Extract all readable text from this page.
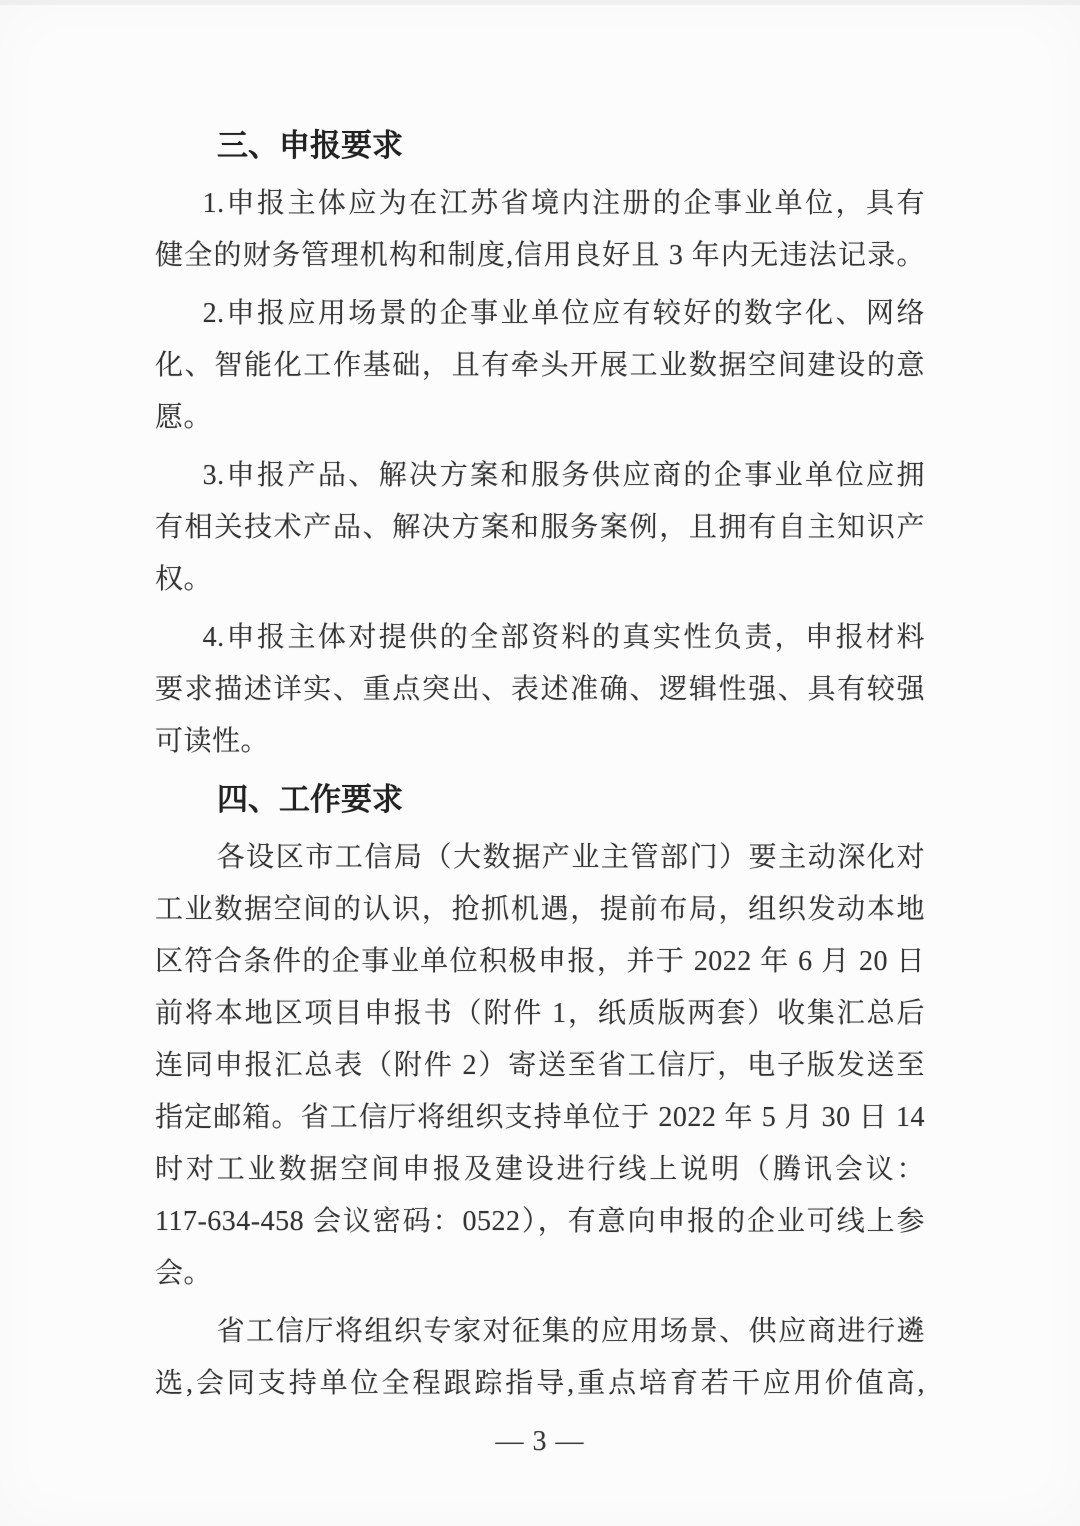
三、申报要求
1.申报主体应为在江苏省境内注册的企事业单位，具有
健全的财务管理机构和制度,信用良好且 3 年内无违法记录。
2.申报应用场景的企事业单位应有较好的数字化、网络
化、智能化工作基础，且有牵头开展工业数据空间建设的意
愿。
3.申报产品、解决方案和服务供应商的企事业单位应拥
有相关技术产品、解决方案和服务案例，且拥有自主知识产
权。
4.申报主体对提供的全部资料的真实性负责，申报材料
要求描述详实、重点突出、表述准确、逻辑性强、具有较强
可读性。
四、工作要求
各设区市工信局（大数据产业主管部门）要主动深化对
工业数据空间的认识，抢抓机遇，提前布局，组织发动本地
区符合条件的企事业单位积极申报，并于 2022 年 6 月 20 日
前将本地区项目申报书（附件 1，纸质版两套）收集汇总后
连同申报汇总表（附件 2）寄送至省工信厅，电子版发送至
指定邮箱。省工信厅将组织支持单位于 2022 年 5 月 30 日 14
时对工业数据空间申报及建设进行线上说明（腾讯会议：
117-634-458 会议密码：0522），有意向申报的企业可线上参
会。
省工信厅将组织专家对征集的应用场景、供应商进行遴
选,会同支持单位全程跟踪指导,重点培育若干应用价值高,
— 3 —
